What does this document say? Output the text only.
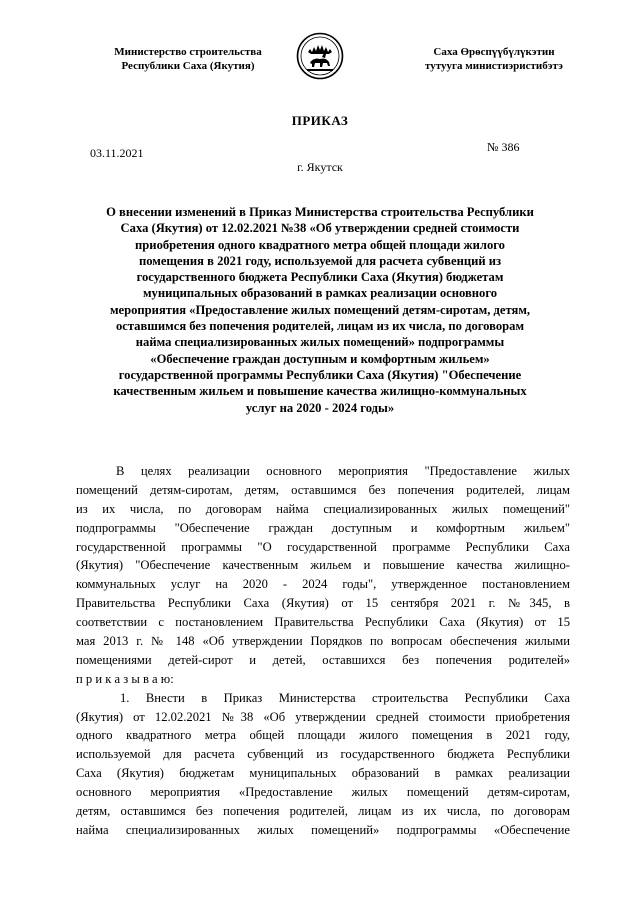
Министерство строительства
Республики Саха (Якутия)
Саха Өрөспүүбүлүкэтин
тутууга министиэристибэтэ
ПРИКАЗ
03.11.2021	№ 386
г. Якутск
О внесении изменений в Приказ Министерства строительства Республики
Саха (Якутия) от 12.02.2021 №38 «Об утверждении средней стоимости
приобретения одного квадратного метра общей площади жилого
помещения в 2021 году, используемой для расчета субвенций из
государственного бюджета Республики Саха (Якутия) бюджетам
муниципальных образований в рамках реализации основного
мероприятия «Предоставление жилых помещений детям-сиротам, детям,
оставшимся без попечения родителей, лицам из их числа, по договорам
найма специализированных жилых помещений» подпрограммы
«Обеспечение граждан доступным и комфортным жильем»
государственной программы Республики Саха (Якутия) "Обеспечение
качественным жильем и повышение качества жилищно-коммунальных
услуг на 2020 - 2024 годы»
В целях реализации основного мероприятия "Предоставление жилых
помещений детям-сиротам, детям, оставшимся без попечения родителей, лицам
из их числа, по договорам найма специализированных жилых помещений"
подпрограммы "Обеспечение граждан доступным и комфортным жильем"
государственной программы "О государственной программе Республики Саха
(Якутия) "Обеспечение качественным жильем и повышение качества жилищно-
коммунальных услуг на 2020 - 2024 годы", утвержденное постановлением
Правительства Республики Саха (Якутия) от 15 сентября 2021 г. №345, в
соответствии с постановлением Правительства Республики Саха (Якутия) от 15
мая 2013 г. № 148 «Об утверждении Порядков по вопросам обеспечения жилыми
помещениями детей-сирот и детей, оставшихся без попечения родителей»
п р и к а з ы в а ю:
1. Внести в Приказ Министерства строительства Республики Саха
(Якутия) от 12.02.2021 №38 «Об утверждении средней стоимости приобретения
одного квадратного метра общей площади жилого помещения в 2021 году,
используемой для расчета субвенций из государственного бюджета Республики
Саха (Якутия) бюджетам муниципальных образований в рамках реализации
основного мероприятия «Предоставление жилых помещений детям-сиротам,
детям, оставшимся без попечения родителей, лицам из их числа, по договорам
найма специализированных жилых помещений» подпрограммы «Обеспечение
